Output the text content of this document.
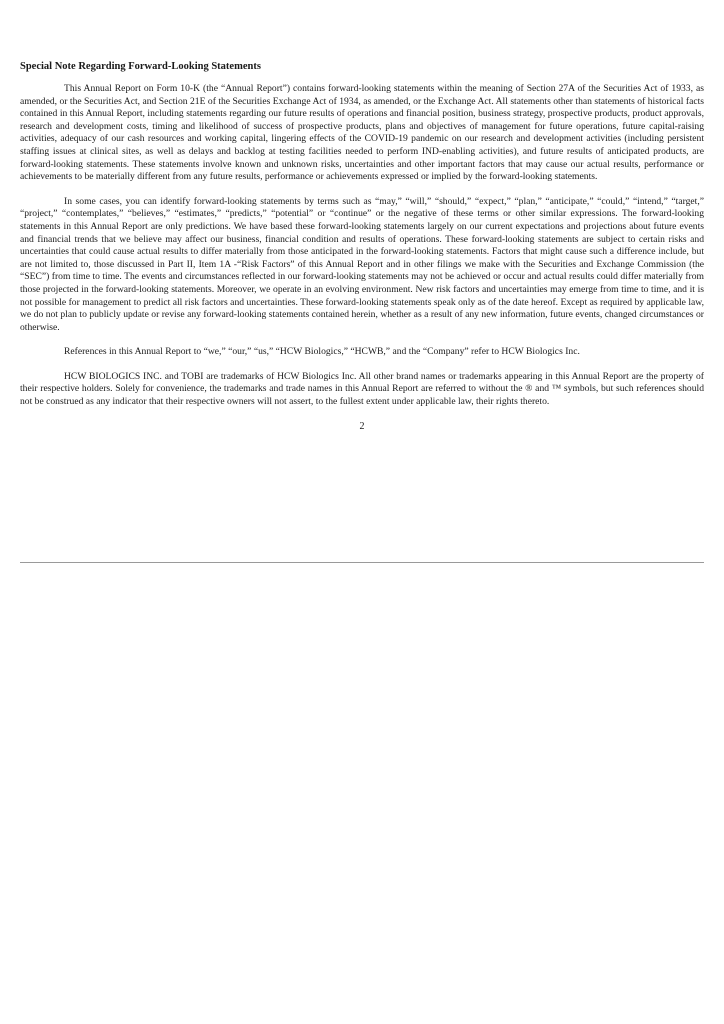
Special Note Regarding Forward-Looking Statements

This Annual Report on Form 10-K (the “Annual Report”) contains forward-looking statements within the meaning of Section 27A of the Securities Act of 1933, as amended, or the Securities Act, and Section 21E of the Securities Exchange Act of 1934, as amended, or the Exchange Act. All statements other than statements of historical facts contained in this Annual Report, including statements regarding our future results of operations and financial position, business strategy, prospective products, product approvals, research and development costs, timing and likelihood of success of prospective products, plans and objectives of management for future operations, future capital-raising activities, adequacy of our cash resources and working capital, lingering effects of the COVID-19 pandemic on our research and development activities (including persistent staffing issues at clinical sites, as well as delays and backlog at testing facilities needed to perform IND-enabling activities), and future results of anticipated products, are forward-looking statements. These statements involve known and unknown risks, uncertainties and other important factors that may cause our actual results, performance or achievements to be materially different from any future results, performance or achievements expressed or implied by the forward-looking statements.

In some cases, you can identify forward-looking statements by terms such as “may,” “will,” “should,” “expect,” “plan,” “anticipate,” “could,” “intend,” “target,” “project,” “contemplates,” “believes,” “estimates,” “predicts,” “potential” or “continue” or the negative of these terms or other similar expressions. The forward-looking statements in this Annual Report are only predictions. We have based these forward-looking statements largely on our current expectations and projections about future events and financial trends that we believe may affect our business, financial condition and results of operations. These forward-looking statements are subject to certain risks and uncertainties that could cause actual results to differ materially from those anticipated in the forward-looking statements. Factors that might cause such a difference include, but are not limited to, those discussed in Part II, Item 1A -“Risk Factors” of this Annual Report and in other filings we make with the Securities and Exchange Commission (the “SEC”) from time to time. The events and circumstances reflected in our forward-looking statements may not be achieved or occur and actual results could differ materially from those projected in the forward-looking statements. Moreover, we operate in an evolving environment. New risk factors and uncertainties may emerge from time to time, and it is not possible for management to predict all risk factors and uncertainties. These forward-looking statements speak only as of the date hereof. Except as required by applicable law, we do not plan to publicly update or revise any forward-looking statements contained herein, whether as a result of any new information, future events, changed circumstances or otherwise.

References in this Annual Report to “we,” “our,” “us,” “HCW Biologics,” “HCWB,” and the “Company” refer to HCW Biologics Inc.

HCW BIOLOGICS INC. and TOBI are trademarks of HCW Biologics Inc. All other brand names or trademarks appearing in this Annual Report are the property of their respective holders. Solely for convenience, the trademarks and trade names in this Annual Report are referred to without the ® and ™ symbols, but such references should not be construed as any indicator that their respective owners will not assert, to the fullest extent under applicable law, their rights thereto.

2
